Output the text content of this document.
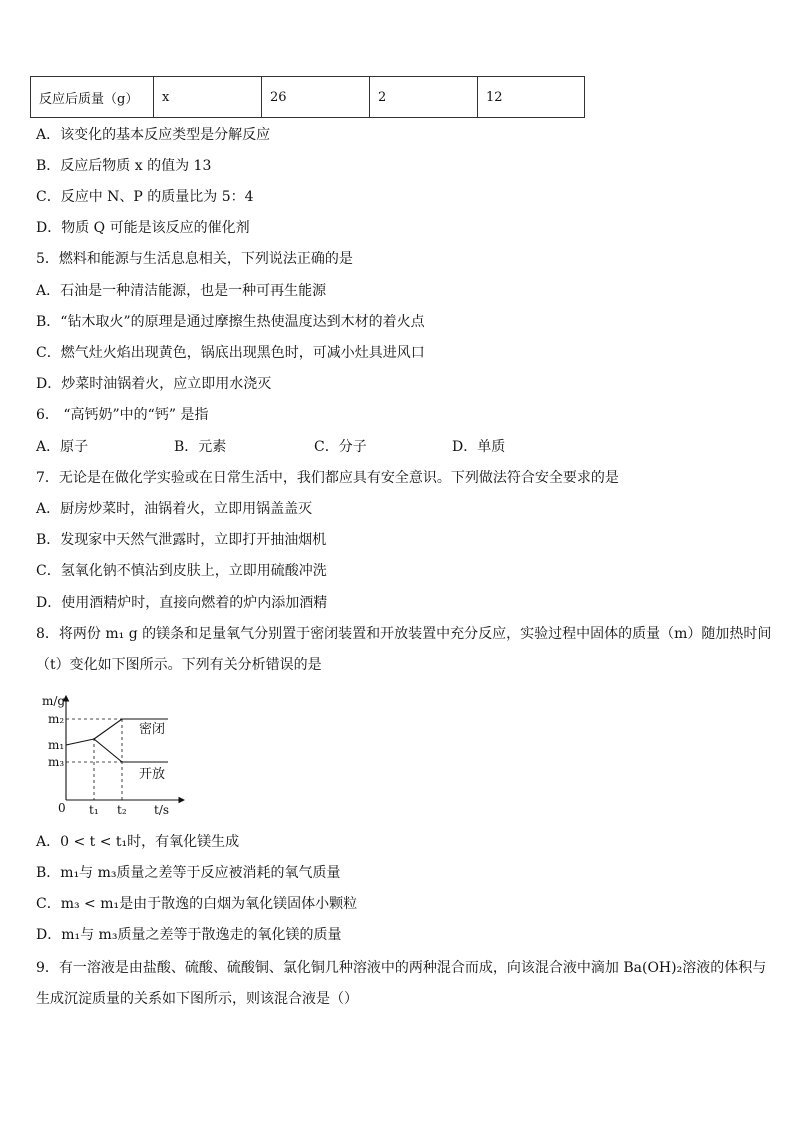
反应后质量（g）	x	26	2	12
A．该变化的基本反应类型是分解反应
B．反应后物质 x 的值为 13
C．反应中 N、P 的质量比为 5：4
D．物质 Q 可能是该反应的催化剂
5．燃料和能源与生活息息相关，下列说法正确的是
A．石油是一种清洁能源，也是一种可再生能源
B．“钻木取火”的原理是通过摩擦生热使温度达到木材的着火点
C．燃气灶火焰出现黄色，锅底出现黑色时，可减小灶具进风口
D．炒菜时油锅着火，应立即用水浇灭
6． “高钙奶”中的“钙” 是指
A．原子	B．元素	C．分子	D．单质
7．无论是在做化学实验或在日常生活中，我们都应具有安全意识。下列做法符合安全要求的是
A．厨房炒菜时，油锅着火，立即用锅盖盖灭
B．发现家中天然气泄露时，立即打开抽油烟机
C．氢氧化钠不慎沾到皮肤上，立即用硫酸冲洗
D．使用酒精炉时，直接向燃着的炉内添加酒精
8．将两份 m₁ g 的镁条和足量氧气分别置于密闭装置和开放装置中充分反应，实验过程中固体的质量（m）随加热时间
（t）变化如下图所示。下列有关分析错误的是
m/g
t/s
0
m₂
m₁
m₃
t₁ t₂
密闭
开放
A．0 < t < t₁时，有氧化镁生成
B．m₁与 m₃质量之差等于反应被消耗的氧气质量
C．m₃ < m₁是由于散逸的白烟为氧化镁固体小颗粒
D．m₁与 m₃质量之差等于散逸走的氧化镁的质量
9．有一溶液是由盐酸、硫酸、硫酸铜、氯化铜几种溶液中的两种混合而成，向该混合液中滴加 Ba(OH)₂溶液的体积与
生成沉淀质量的关系如下图所示，则该混合液是（）
